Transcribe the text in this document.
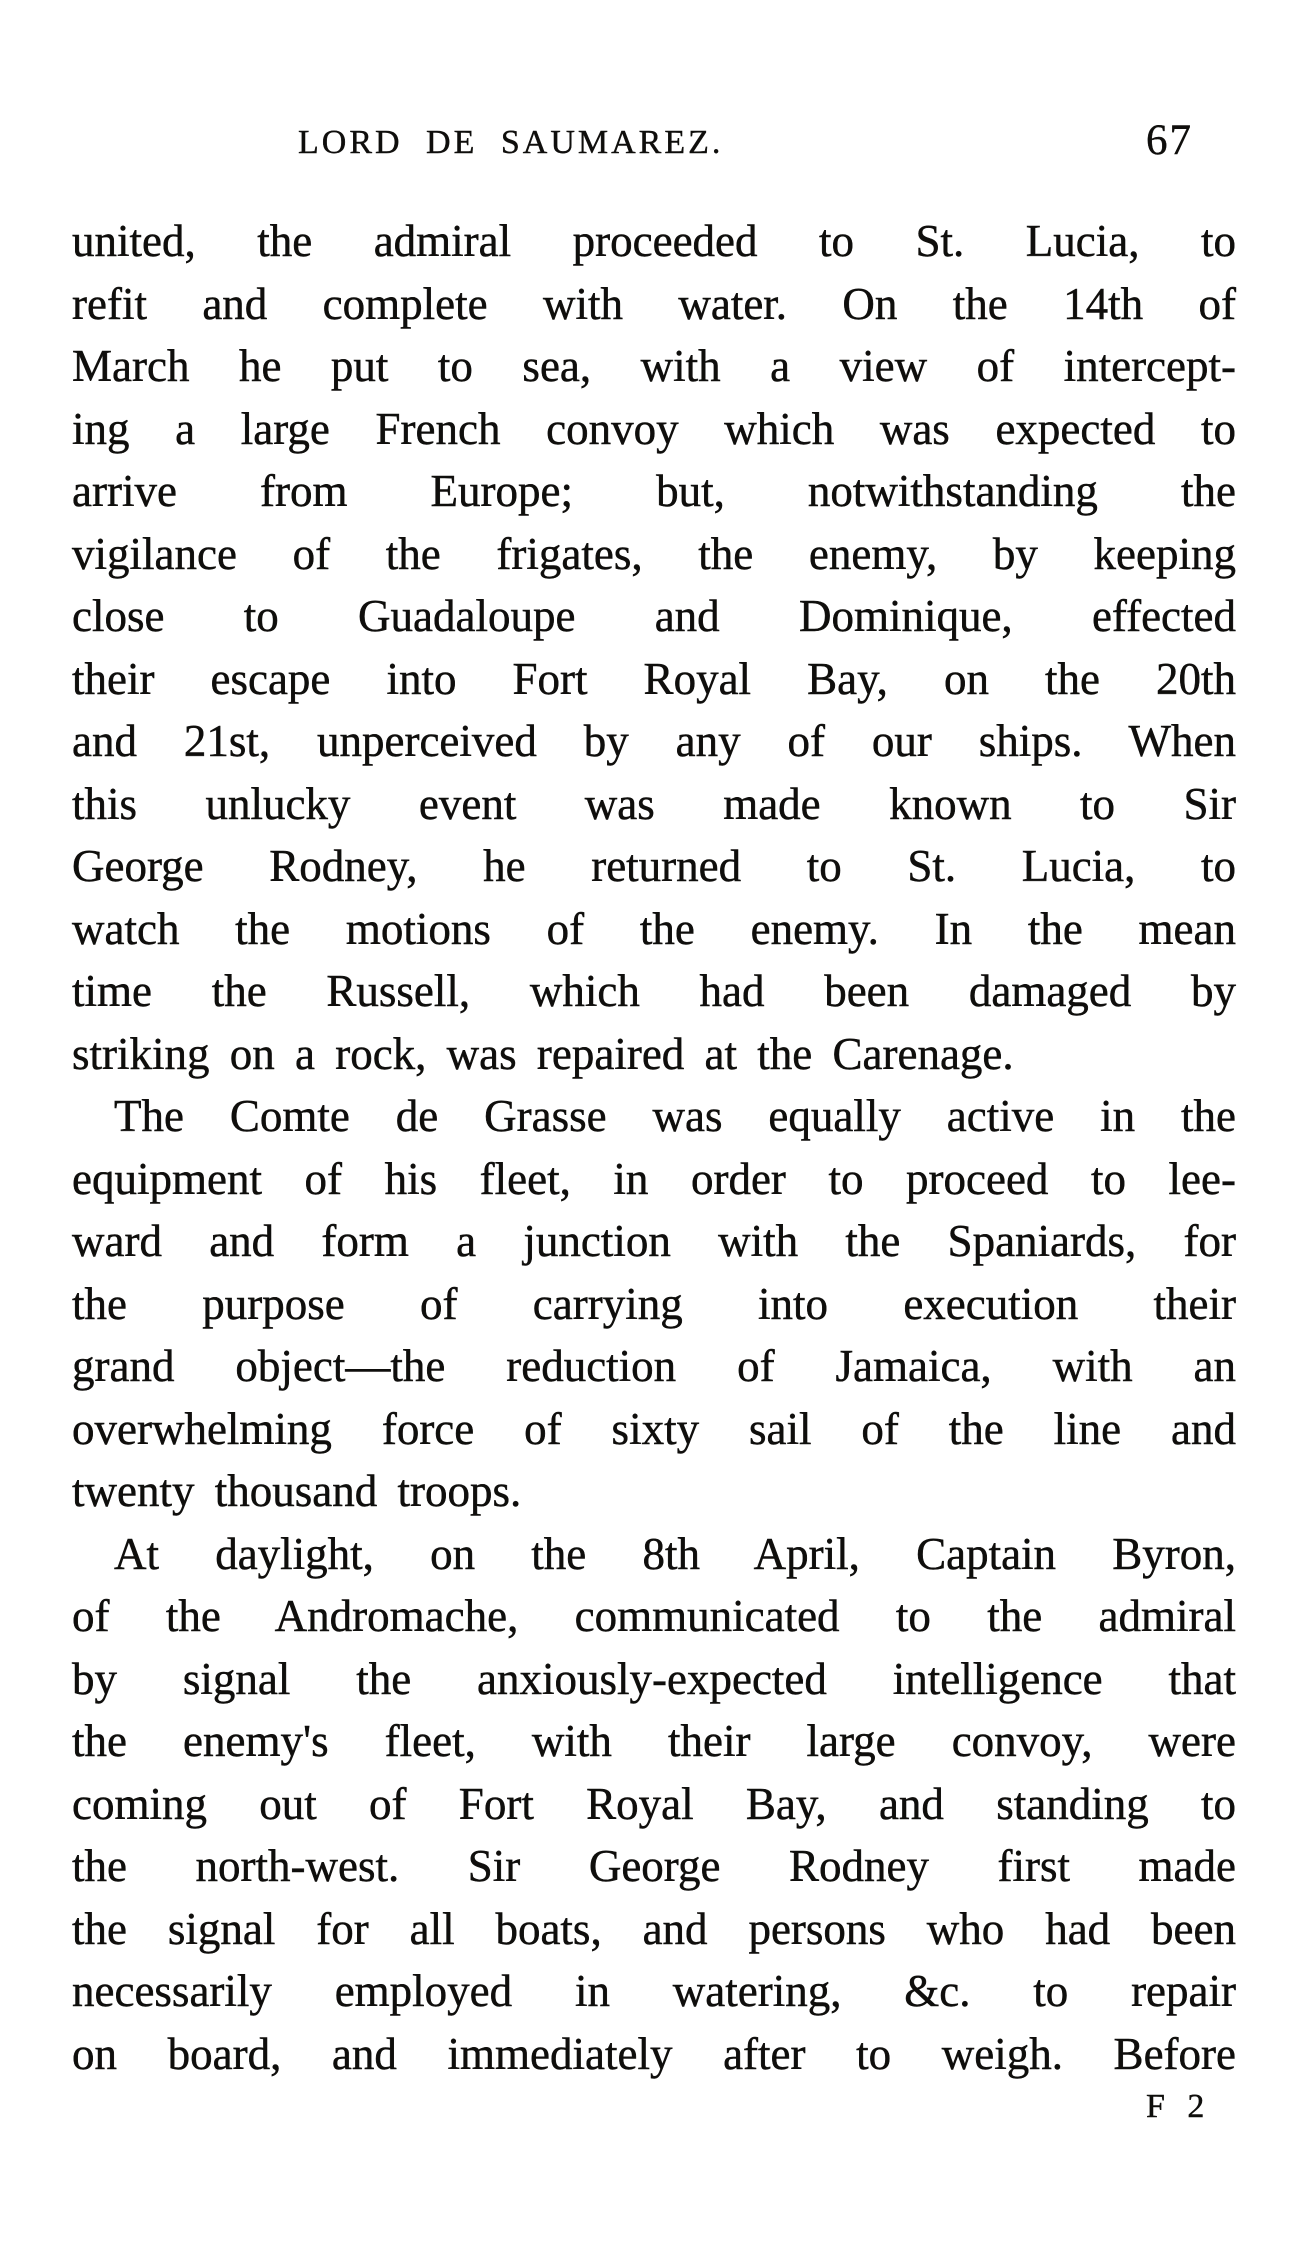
LORD DE SAUMAREZ.	67
united, the admiral proceeded to St. Lucia, to
refit and complete with water. On the 14th of
March he put to sea, with a view of intercept-
ing a large French convoy which was expected to
arrive from Europe; but, notwithstanding the
vigilance of the frigates, the enemy, by keeping
close to Guadaloupe and Dominique, effected
their escape into Fort Royal Bay, on the 20th
and 21st, unperceived by any of our ships. When
this unlucky event was made known to Sir
George Rodney, he returned to St. Lucia, to
watch the motions of the enemy. In the mean
time the Russell, which had been damaged by
striking on a rock, was repaired at the Carenage.
The Comte de Grasse was equally active in the
equipment of his fleet, in order to proceed to lee-
ward and form a junction with the Spaniards, for
the purpose of carrying into execution their
grand object—the reduction of Jamaica, with an
overwhelming force of sixty sail of the line and
twenty thousand troops.
At daylight, on the 8th April, Captain Byron,
of the Andromache, communicated to the admiral
by signal the anxiously-expected intelligence that
the enemy's fleet, with their large convoy, were
coming out of Fort Royal Bay, and standing to
the north-west. Sir George Rodney first made
the signal for all boats, and persons who had been
necessarily employed in watering, &c. to repair
on board, and immediately after to weigh. Before
F 2
